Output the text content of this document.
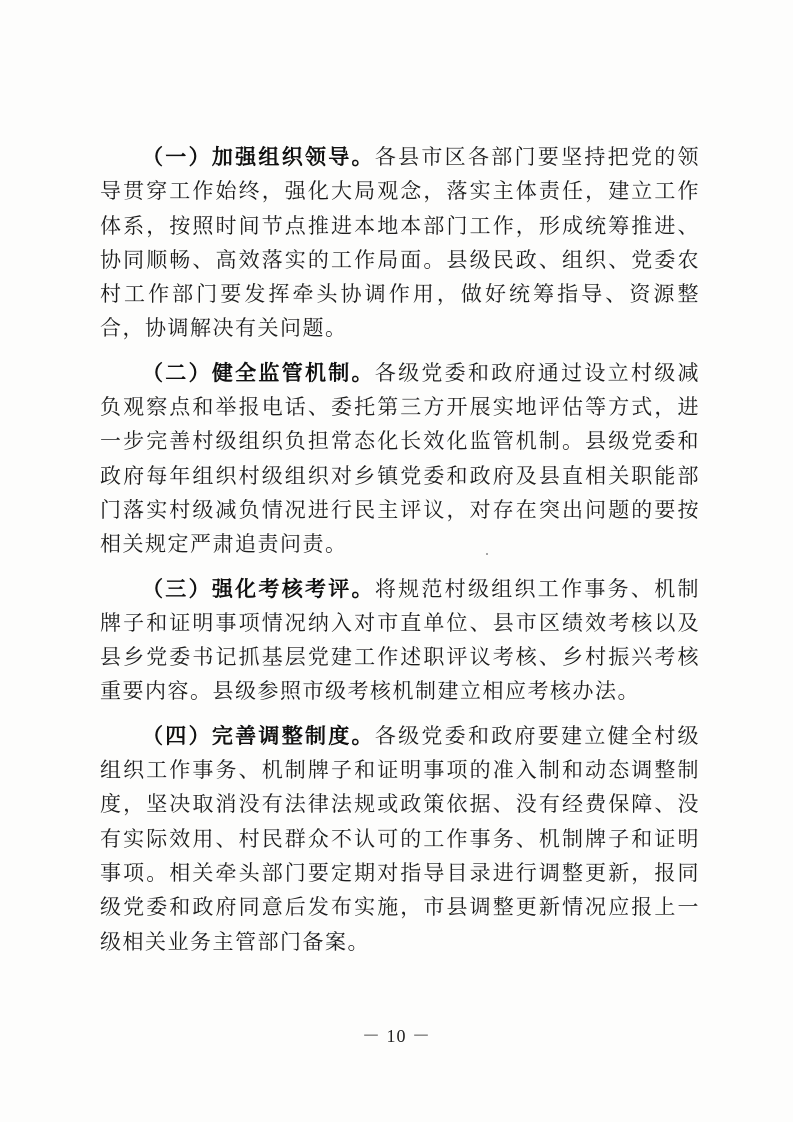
（一）加强组织领导。各县市区各部门要坚持把党的领导贯穿工作始终，强化大局观念，落实主体责任，建立工作体系，按照时间节点推进本地本部门工作，形成统筹推进、协同顺畅、高效落实的工作局面。县级民政、组织、党委农村工作部门要发挥牵头协调作用，做好统筹指导、资源整合，协调解决有关问题。

（二）健全监管机制。各级党委和政府通过设立村级减负观察点和举报电话、委托第三方开展实地评估等方式，进一步完善村级组织负担常态化长效化监管机制。县级党委和政府每年组织村级组织对乡镇党委和政府及县直相关职能部门落实村级减负情况进行民主评议，对存在突出问题的要按相关规定严肃追责问责。

（三）强化考核考评。将规范村级组织工作事务、机制牌子和证明事项情况纳入对市直单位、县市区绩效考核以及县乡党委书记抓基层党建工作述职评议考核、乡村振兴考核重要内容。县级参照市级考核机制建立相应考核办法。

（四）完善调整制度。各级党委和政府要建立健全村级组织工作事务、机制牌子和证明事项的准入制和动态调整制度，坚决取消没有法律法规或政策依据、没有经费保障、没有实际效用、村民群众不认可的工作事务、机制牌子和证明事项。相关牵头部门要定期对指导目录进行调整更新，报同级党委和政府同意后发布实施，市县调整更新情况应报上一级相关业务主管部门备案。

－ 10 －
